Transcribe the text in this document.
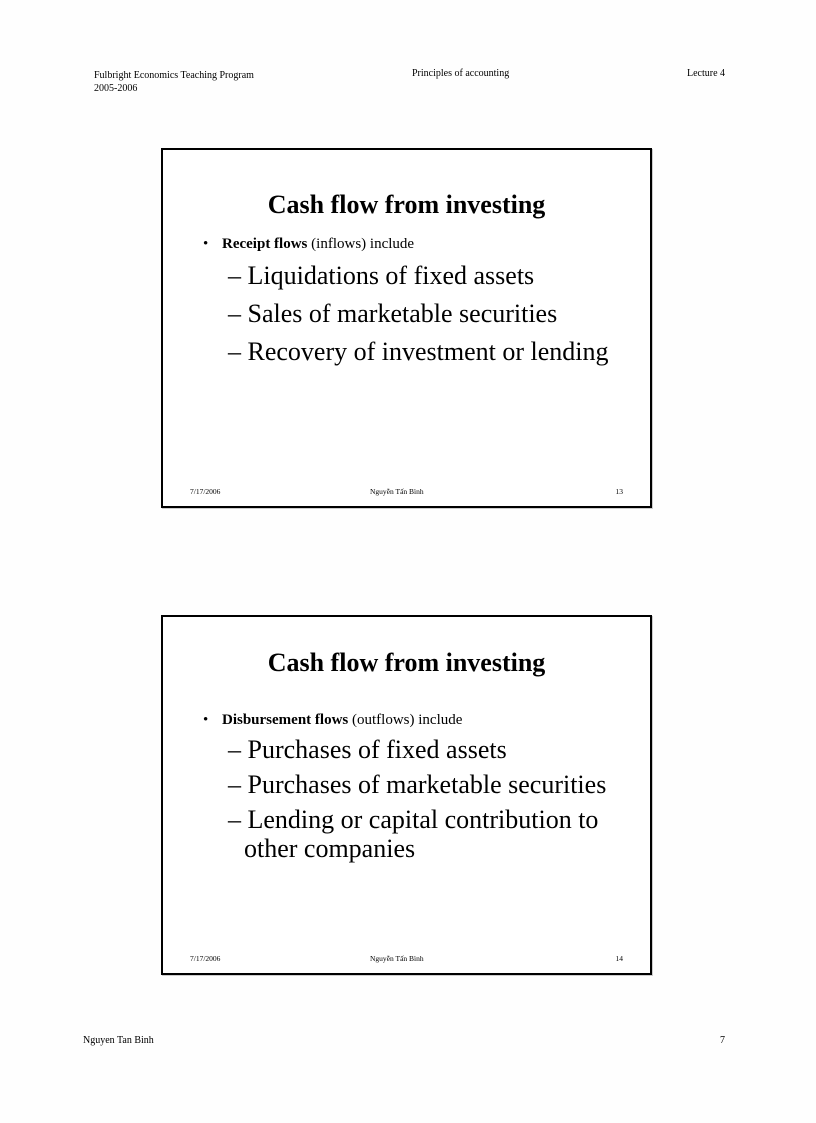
Fulbright Economics Teaching Program
2005-2006
Principles of accounting	Lecture 4
Cash flow from investing
• Receipt flows (inflows) include
– Liquidations of fixed assets
– Sales of marketable securities
– Recovery of investment or lending
7/17/2006	Nguyễn Tấn Bình	13
Cash flow from investing
• Disbursement flows (outflows) include
– Purchases of fixed assets
– Purchases of marketable securities
– Lending or capital contribution to other companies
7/17/2006	Nguyễn Tấn Bình	14
Nguyen Tan Binh	7
